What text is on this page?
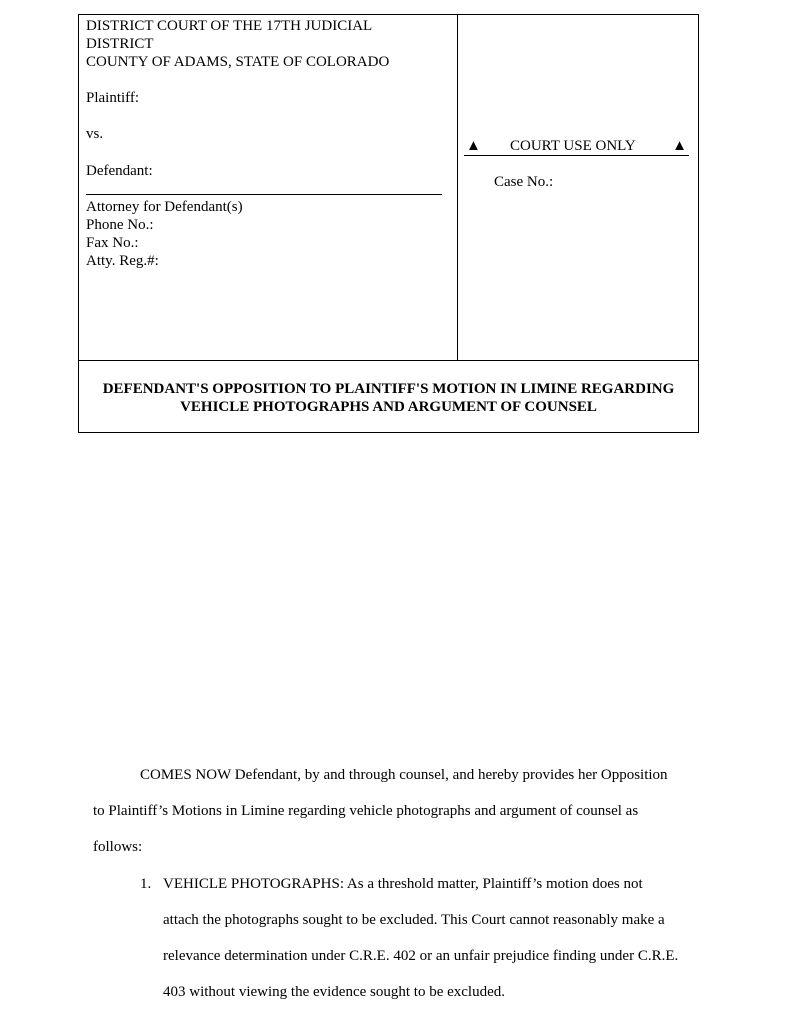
DISTRICT COURT OF THE 17TH JUDICIAL
DISTRICT
COUNTY OF ADAMS, STATE OF COLORADO
Plaintiff:
vs.
Defendant:
Attorney for Defendant(s)
Phone No.:
Fax No.:
Atty. Reg.#:
▲ COURT USE ONLY ▲
Case No.:
DEFENDANT'S OPPOSITION TO PLAINTIFF'S MOTION IN LIMINE REGARDING
VEHICLE PHOTOGRAPHS AND ARGUMENT OF COUNSEL
COMES NOW Defendant, by and through counsel, and hereby provides her Opposition
to Plaintiff’s Motions in Limine regarding vehicle photographs and argument of counsel as
follows:
1. VEHICLE PHOTOGRAPHS: As a threshold matter, Plaintiff’s motion does not
attach the photographs sought to be excluded. This Court cannot reasonably make a
relevance determination under C.R.E. 402 or an unfair prejudice finding under C.R.E.
403 without viewing the evidence sought to be excluded.
